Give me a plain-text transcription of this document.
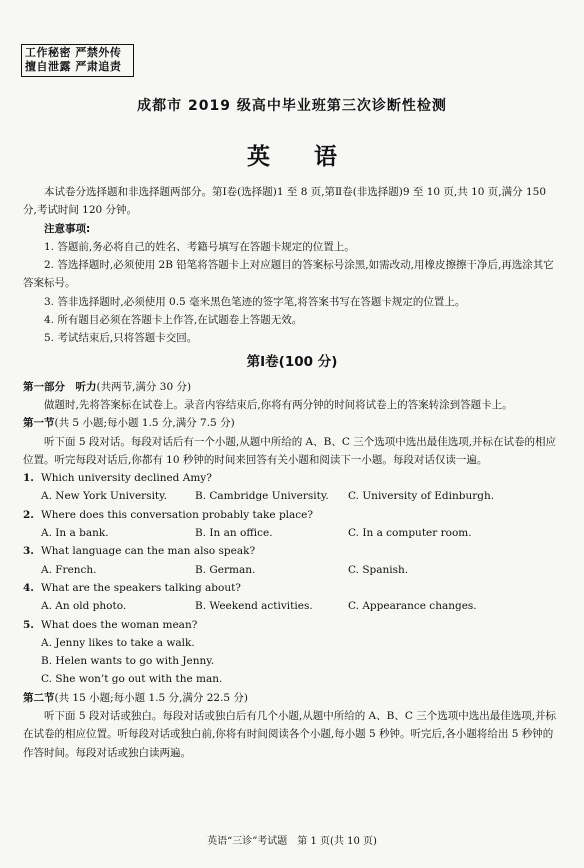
工作秘密 严禁外传
擅自泄露 严肃追责
成都市 2019 级高中毕业班第三次诊断性检测
英 语

本试卷分选择题和非选择题两部分。第Ⅰ卷(选择题)1 至 8 页,第Ⅱ卷(非选择题)9 至 10 页,共 10 页,满分 150 分,考试时间 120 分钟。

注意事项:

1. 答题前,务必将自己的姓名、考籍号填写在答题卡规定的位置上。

2. 答选择题时,必须使用 2B 铅笔将答题卡上对应题目的答案标号涂黑,如需改动,用橡皮擦擦干净后,再选涂其它答案标号。

3. 答非选择题时,必须使用 0.5 毫米黑色笔迹的签字笔,将答案书写在答题卡规定的位置上。

4. 所有题目必须在答题卡上作答,在试题卷上答题无效。

5. 考试结束后,只将答题卡交回。

第Ⅰ卷(100 分)

第一部分　听力(共两节,满分 30 分)

做题时,先将答案标在试卷上。录音内容结束后,你将有两分钟的时间将试卷上的答案转涂到答题卡上。

第一节(共 5 小题;每小题 1.5 分,满分 7.5 分)

听下面 5 段对话。每段对话后有一个小题,从题中所给的 A、B、C 三个选项中选出最佳选项,并标在试卷的相应位置。听完每段对话后,你都有 10 秒钟的时间来回答有关小题和阅读下一小题。每段对话仅读一遍。

1. Which university declined Amy?
A. New York University.	B. Cambridge University.	C. University of Edinburgh.
2. Where does this conversation probably take place?
A. In a bank.	B. In an office.	C. In a computer room.
3. What language can the man also speak?
A. French.	B. German.	C. Spanish.
4. What are the speakers talking about?
A. An old photo.	B. Weekend activities.	C. Appearance changes.
5. What does the woman mean?
A. Jenny likes to take a walk.
B. Helen wants to go with Jenny.
C. She won’t go out with the man.

第二节(共 15 小题;每小题 1.5 分,满分 22.5 分)

听下面 5 段对话或独白。每段对话或独白后有几个小题,从题中所给的 A、B、C 三个选项中选出最佳选项,并标在试卷的相应位置。听每段对话或独白前,你将有时间阅读各个小题,每小题 5 秒钟。听完后,各小题将给出 5 秒钟的作答时间。每段对话或独白读两遍。

英语“三诊”考试题　第 1 页(共 10 页)
